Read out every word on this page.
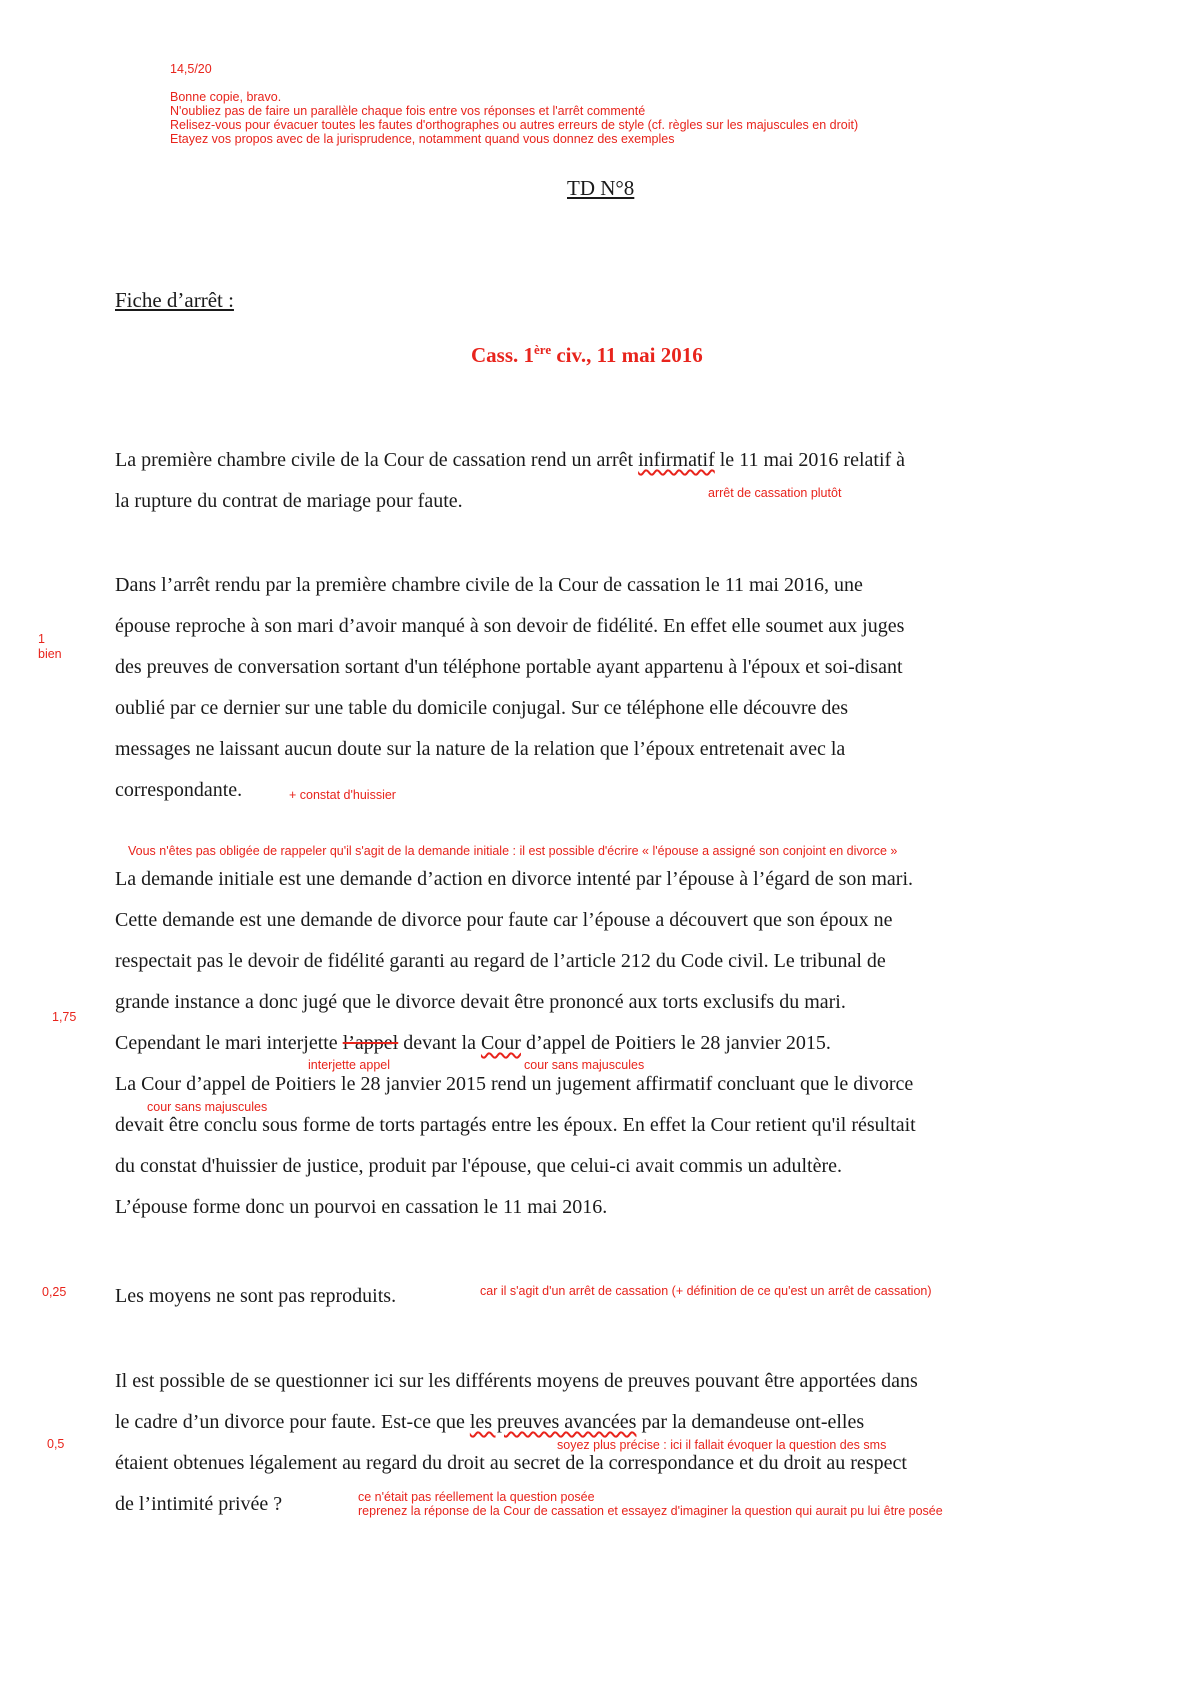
14,5/20
Bonne copie, bravo.
N'oubliez pas de faire un parallèle chaque fois entre vos réponses et l'arrêt commenté
Relisez-vous pour évacuer toutes les fautes d'orthographes ou autres erreurs de style (cf. règles sur les majuscules en droit)
Etayez vos propos avec de la jurisprudence, notamment quand vous donnez des exemples
TD N°8
Fiche d’arrêt :
Cass. 1ère civ., 11 mai 2016
La première chambre civile de la Cour de cassation rend un arrêt infirmatif le 11 mai 2016 relatif à
la rupture du contrat de mariage pour faute.	arrêt de cassation plutôt
Dans l’arrêt rendu par la première chambre civile de la Cour de cassation le 11 mai 2016, une
épouse reproche à son mari d’avoir manqué à son devoir de fidélité. En effet elle soumet aux juges
des preuves de conversation sortant d'un téléphone portable ayant appartenu à l'époux et soi-disant
oublié par ce dernier sur une table du domicile conjugal. Sur ce téléphone elle découvre des
messages ne laissant aucun doute sur la nature de la relation que l’époux entretenait avec la
correspondante.	+ constat d'huissier
1
bien
Vous n'êtes pas obligée de rappeler qu'il s'agit de la demande initiale : il est possible d'écrire « l'épouse a assigné son conjoint en divorce »
La demande initiale est une demande d’action en divorce intenté par l’épouse à l’égard de son mari.
Cette demande est une demande de divorce pour faute car l’épouse a découvert que son époux ne
respectait pas le devoir de fidélité garanti au regard de l’article 212 du Code civil. Le tribunal de
grande instance a donc jugé que le divorce devait être prononcé aux torts exclusifs du mari.
Cependant le mari interjette l’appel devant la Cour d’appel de Poitiers le 28 janvier 2015.
interjette appel	cour sans majuscules
La Cour d’appel de Poitiers le 28 janvier 2015 rend un jugement affirmatif concluant que le divorce
cour sans majuscules
devait être conclu sous forme de torts partagés entre les époux. En effet la Cour retient qu'il résultait
du constat d'huissier de justice, produit par l'épouse, que celui-ci avait commis un adultère.
L’épouse forme donc un pourvoi en cassation le 11 mai 2016.
1,75
Les moyens ne sont pas reproduits.	car il s'agit d'un arrêt de cassation (+ définition de ce qu'est un arrêt de cassation)
0,25
Il est possible de se questionner ici sur les différents moyens de preuves pouvant être apportées dans
le cadre d’un divorce pour faute. Est-ce que les preuves avancées par la demandeuse ont-elles
soyez plus précise : ici il fallait évoquer la question des sms
étaient obtenues légalement au regard du droit au secret de la correspondance et du droit au respect
de l’intimité privée ?	ce n'était pas réellement la question posée
reprenez la réponse de la Cour de cassation et essayez d'imaginer la question qui aurait pu lui être posée
0,5
